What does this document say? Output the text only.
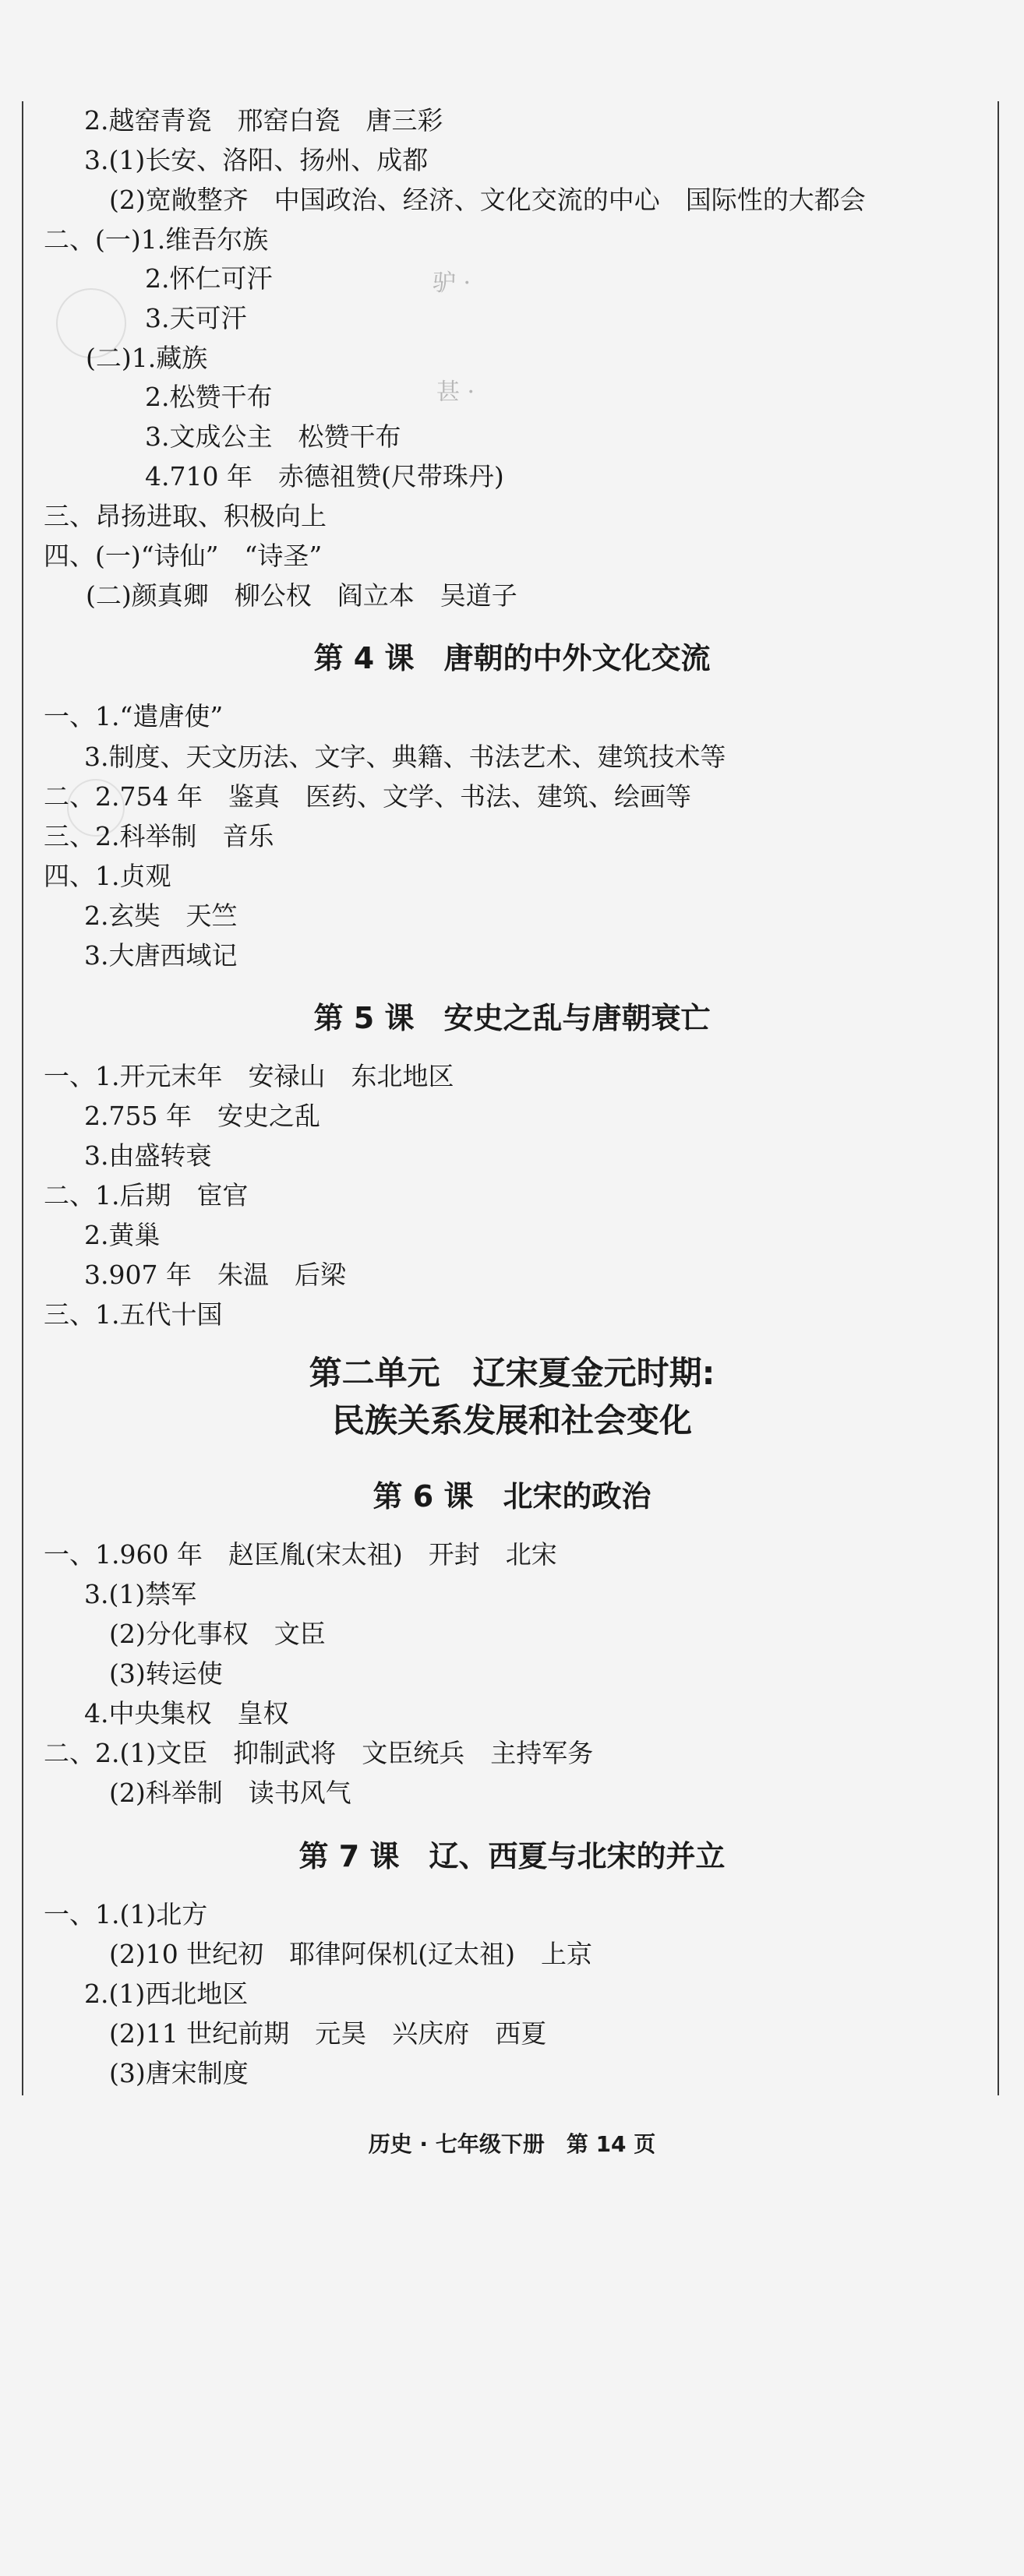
驴 ·
甚 ·
2.越窑青瓷　邢窑白瓷　唐三彩
3.(1)长安、洛阳、扬州、成都
(2)宽敞整齐　中国政治、经济、文化交流的中心　国际性的大都会
二、(一)1.维吾尔族
2.怀仁可汗
3.天可汗
(二)1.藏族
2.松赞干布
3.文成公主　松赞干布
4.710 年　赤德祖赞(尺带珠丹)
三、昂扬进取、积极向上
四、(一)“诗仙”　“诗圣”
(二)颜真卿　柳公权　阎立本　吴道子
第 4 课　唐朝的中外文化交流
一、1.“遣唐使”
3.制度、天文历法、文字、典籍、书法艺术、建筑技术等
二、2.754 年　鉴真　医药、文学、书法、建筑、绘画等
三、2.科举制　音乐
四、1.贞观
2.玄奘　天竺
3.大唐西域记
第 5 课　安史之乱与唐朝衰亡
一、1.开元末年　安禄山　东北地区
2.755 年　安史之乱
3.由盛转衰
二、1.后期　宦官
2.黄巢
3.907 年　朱温　后梁
三、1.五代十国
第二单元　辽宋夏金元时期:
民族关系发展和社会变化
第 6 课　北宋的政治
一、1.960 年　赵匡胤(宋太祖)　开封　北宋
3.(1)禁军
(2)分化事权　文臣
(3)转运使
4.中央集权　皇权
二、2.(1)文臣　抑制武将　文臣统兵　主持军务
(2)科举制　读书风气
第 7 课　辽、西夏与北宋的并立
一、1.(1)北方
(2)10 世纪初　耶律阿保机(辽太祖)　上京
2.(1)西北地区
(2)11 世纪前期　元昊　兴庆府　西夏
(3)唐宋制度
历史 · 七年级下册　第 14 页
